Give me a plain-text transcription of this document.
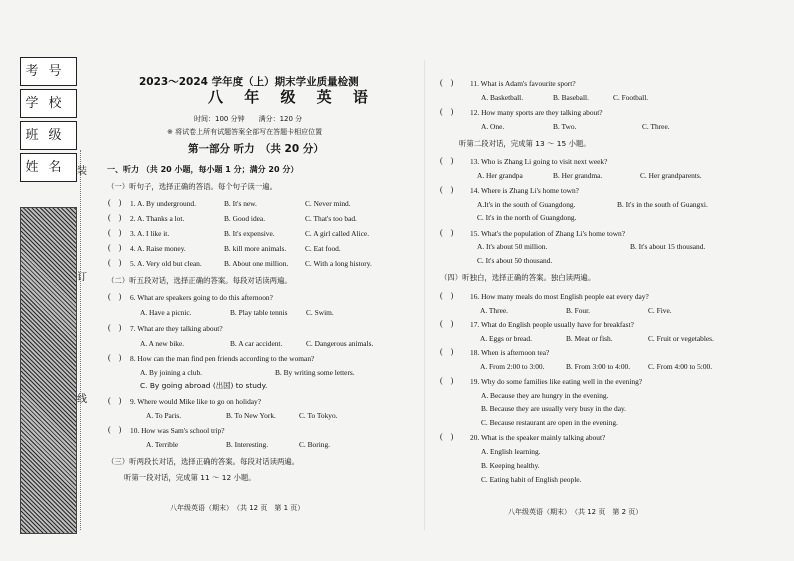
考号
学校
班级
姓名 装
订
线
2023～2024 学年度（上）期末学业质量检测
八 年 级 英 语
时间：100 分钟　　满分：120 分
※ 将试卷上所有试题答案全部写在答题卡相应位置
第一部分 听力　（共 20 分）
一、听力 （共 20 小题，每小题 1 分；满分 20 分）
（一）听句子，选择正确的答语。每个句子读一遍。
(　) 1. A. By underground.	B. It's new.	C. Never mind.
(　) 2. A. Thanks a lot.	B. Good idea.	C. That's too bad.
(　) 3. A. I like it.	B. It's expensive.	C. A girl called Alice.
(　) 4. A. Raise money.	B. kill more animals.	C. Eat food.
(　) 5. A. Very old but clean.	B. About one million. C. With a long history.
（二）听五段对话，选择正确的答案。每段对话读两遍。
(　) 6. What are speakers going to do this afternoon?
A. Have a picnic.	B. Play table tennis	C. Swim.
(　) 7. What are they talking about?
A. A new bike.	B. A car accident.	C. Dangerous animals.
(　) 8. How can the man find pen friends according to the woman?
A. By joining a club.	B. By writing some letters.
C. By going abroad (出国) to study.
(　) 9. Where would Mike like to go on holiday?
A. To Paris.	B. To New York.	C. To Tokyo.
(　) 10. How was Sam's school trip?
A. Terrible	B. Interesting.	C. Boring.
（三）听两段长对话，选择正确的答案。每段对话读两遍。
听第一段对话，完成第 11 ～ 12 小题。
八年级英语（期末）　（共 12 页　第 1 页）
(　) 11. What is Adam's favourite sport?
A. Basketball.	B. Baseball.	C. Football.
(　) 12. How many sports are they talking about?
A. One.	B. Two.	C. Three.
听第二段对话，完成第 13 ～ 15 小题。
(　) 13. Who is Zhang Li going to visit next week?
A. Her grandpa	B. Her grandma.	C. Her grandparents.
(　) 14. Where is Zhang Li's home town?
A.It's in the south of Guangdong.	B. It's in the south of Guangxi.
C. It's in the north of Guangdong.
(　) 15. What's the population of Zhang Li's home town?
A. It's about 50 million.	B. It's about 15 thousand.
C. It's about 50 thousand.
（四）听独白，选择正确的答案。独白读两遍。
(　) 16. How many meals do most English people eat every day?
A. Three.	B. Four.	C. Five.
(　) 17. What do English people usually have for breakfast?
A. Eggs or bread.	B. Meat or fish.	C. Fruit or vegetables.
(　) 18. When is afternoon tea?
A. From 2:00 to 3:00.	B. From 3:00 to 4:00. C. From 4:00 to 5:00.
(　) 19. Why do some families like eating well in the evening?
A. Because they are hungry in the evening.
B. Because they are usually very busy in the day.
C. Because restaurant are open in the evening.
(　) 20. What is the speaker mainly talking about?
A. English learning.
B. Keeping healthy.
C. Eating habit of English people.
八年级英语（期末）　（共 12 页　第 2 页）
